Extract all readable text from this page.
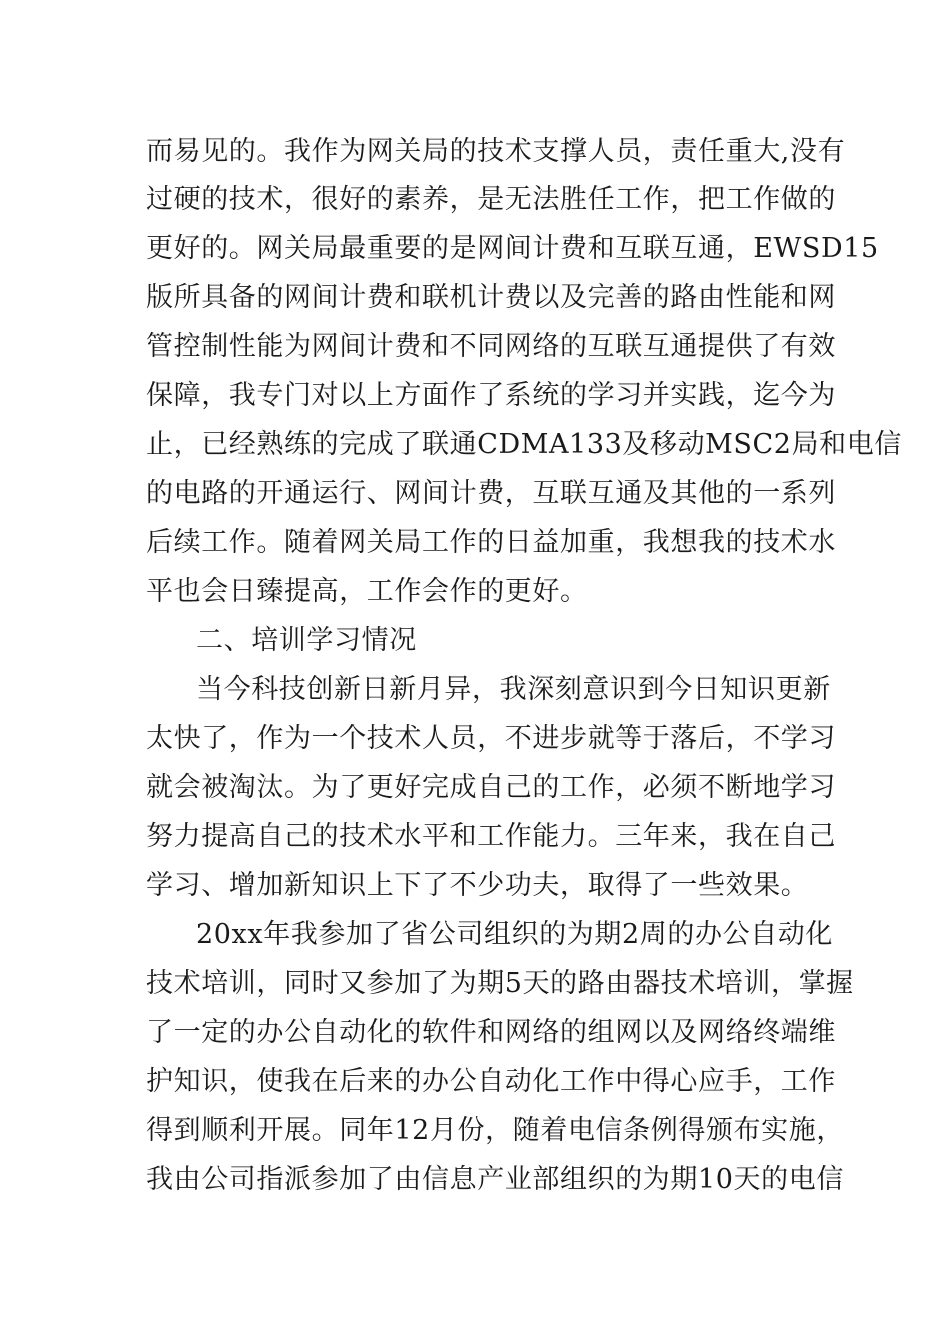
而易见的。我作为网关局的技术支撑人员，责任重大,没有
过硬的技术，很好的素养，是无法胜任工作，把工作做的
更好的。网关局最重要的是网间计费和互联互通，EWSD15
版所具备的网间计费和联机计费以及完善的路由性能和网
管控制性能为网间计费和不同网络的互联互通提供了有效
保障，我专门对以上方面作了系统的学习并实践，迄今为
止，已经熟练的完成了联通CDMA133及移动MSC2局和电信
的电路的开通运行、网间计费，互联互通及其他的一系列
后续工作。随着网关局工作的日益加重，我想我的技术水
平也会日臻提高，工作会作的更好。
二、培训学习情况
当今科技创新日新月异，我深刻意识到今日知识更新
太快了，作为一个技术人员，不进步就等于落后，不学习
就会被淘汰。为了更好完成自己的工作，必须不断地学习
努力提高自己的技术水平和工作能力。三年来，我在自己
学习、增加新知识上下了不少功夫，取得了一些效果。
20xx年我参加了省公司组织的为期2周的办公自动化
技术培训，同时又参加了为期5天的路由器技术培训，掌握
了一定的办公自动化的软件和网络的组网以及网络终端维
护知识，使我在后来的办公自动化工作中得心应手，工作
得到顺利开展。同年12月份，随着电信条例得颁布实施，
我由公司指派参加了由信息产业部组织的为期10天的电信
